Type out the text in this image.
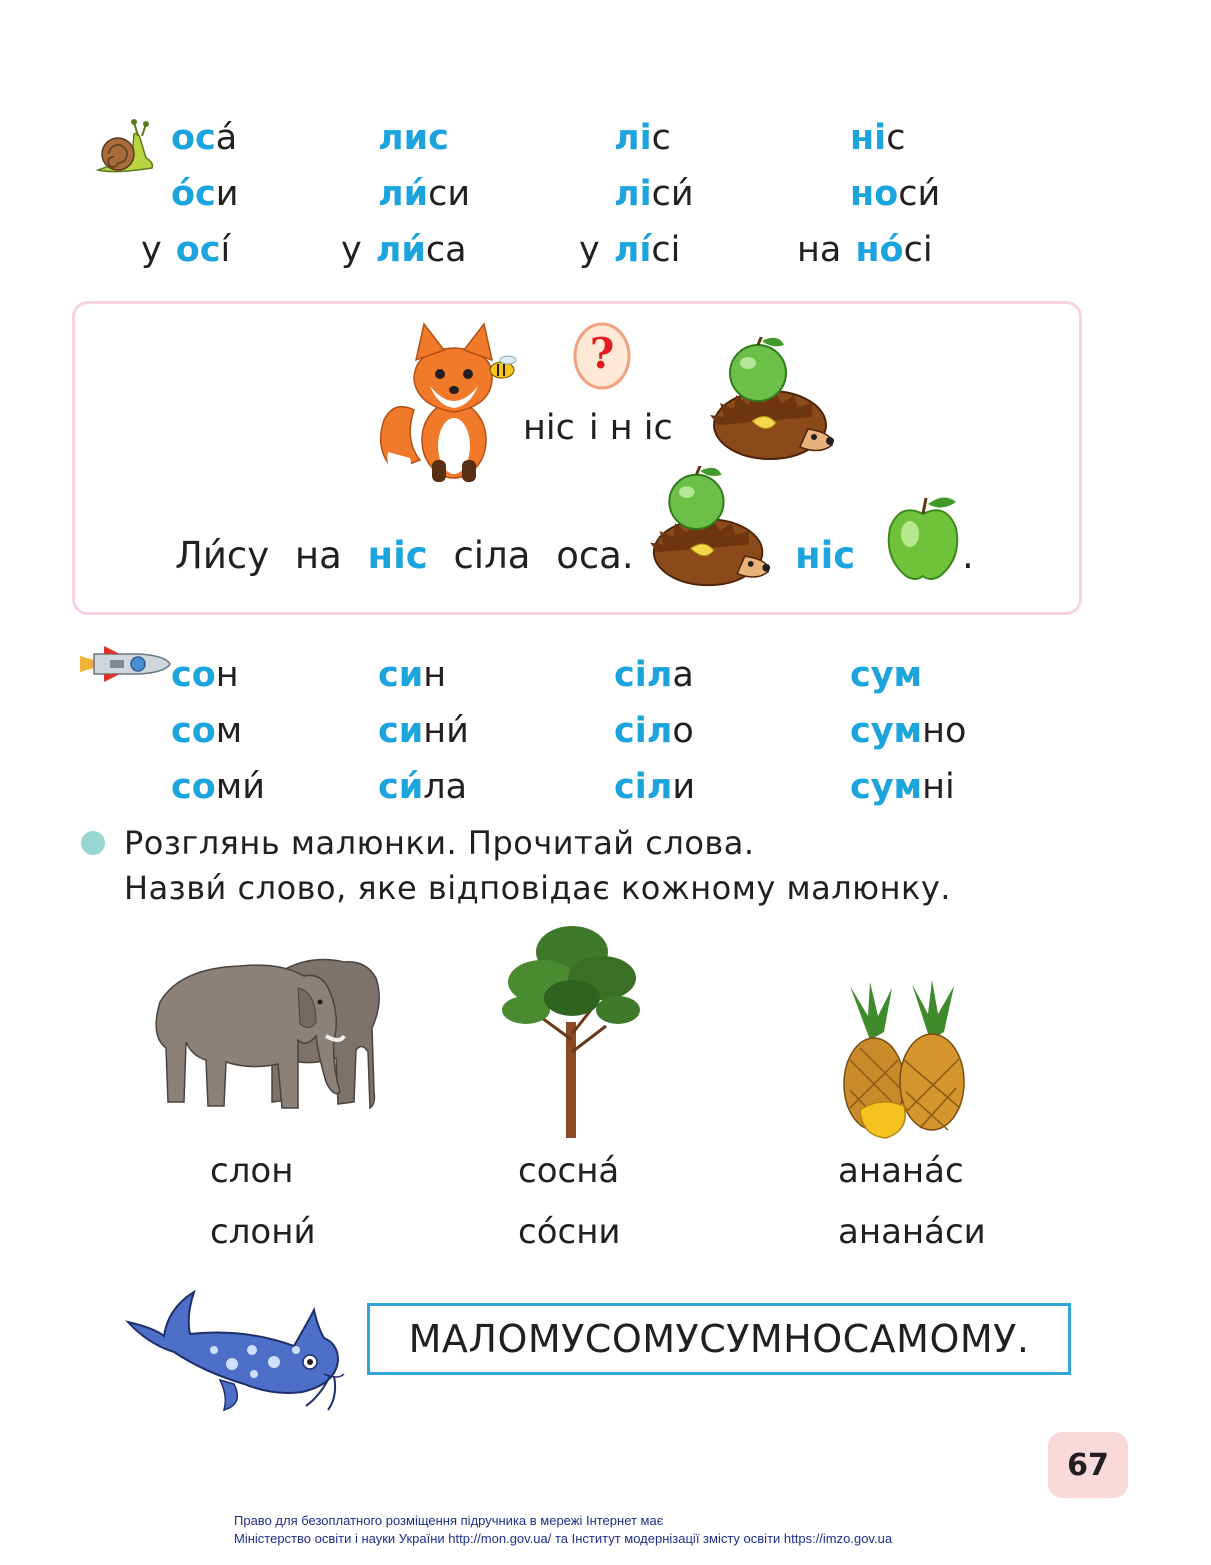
оса́	лис	ліс	ніс
о́си	ли́си	ліси́	носи́
у осі́	у ли́са	у лі́сі	на но́сі
?
ніс і н іс
Ли́су на ніс сіла оса.	ніс	.
сон	син	сіла	сум
сом	сини́	сіло	сумно
соми́	си́ла	сіли	сумні
Розглянь малюнки. Прочитай слова.
Назви́ слово, яке відповідає кожному малюнку.
слон
слони́
сосна́
со́сни
анана́с
анана́си
МАЛОМУСОМУСУМНОСАМОМУ.
67
Право для безоплатного розміщення підручника в мережі Інтернет має
Міністерство освіти і науки України http://mon.gov.ua/ та Інститут модернізації змісту освіти https://imzo.gov.ua
